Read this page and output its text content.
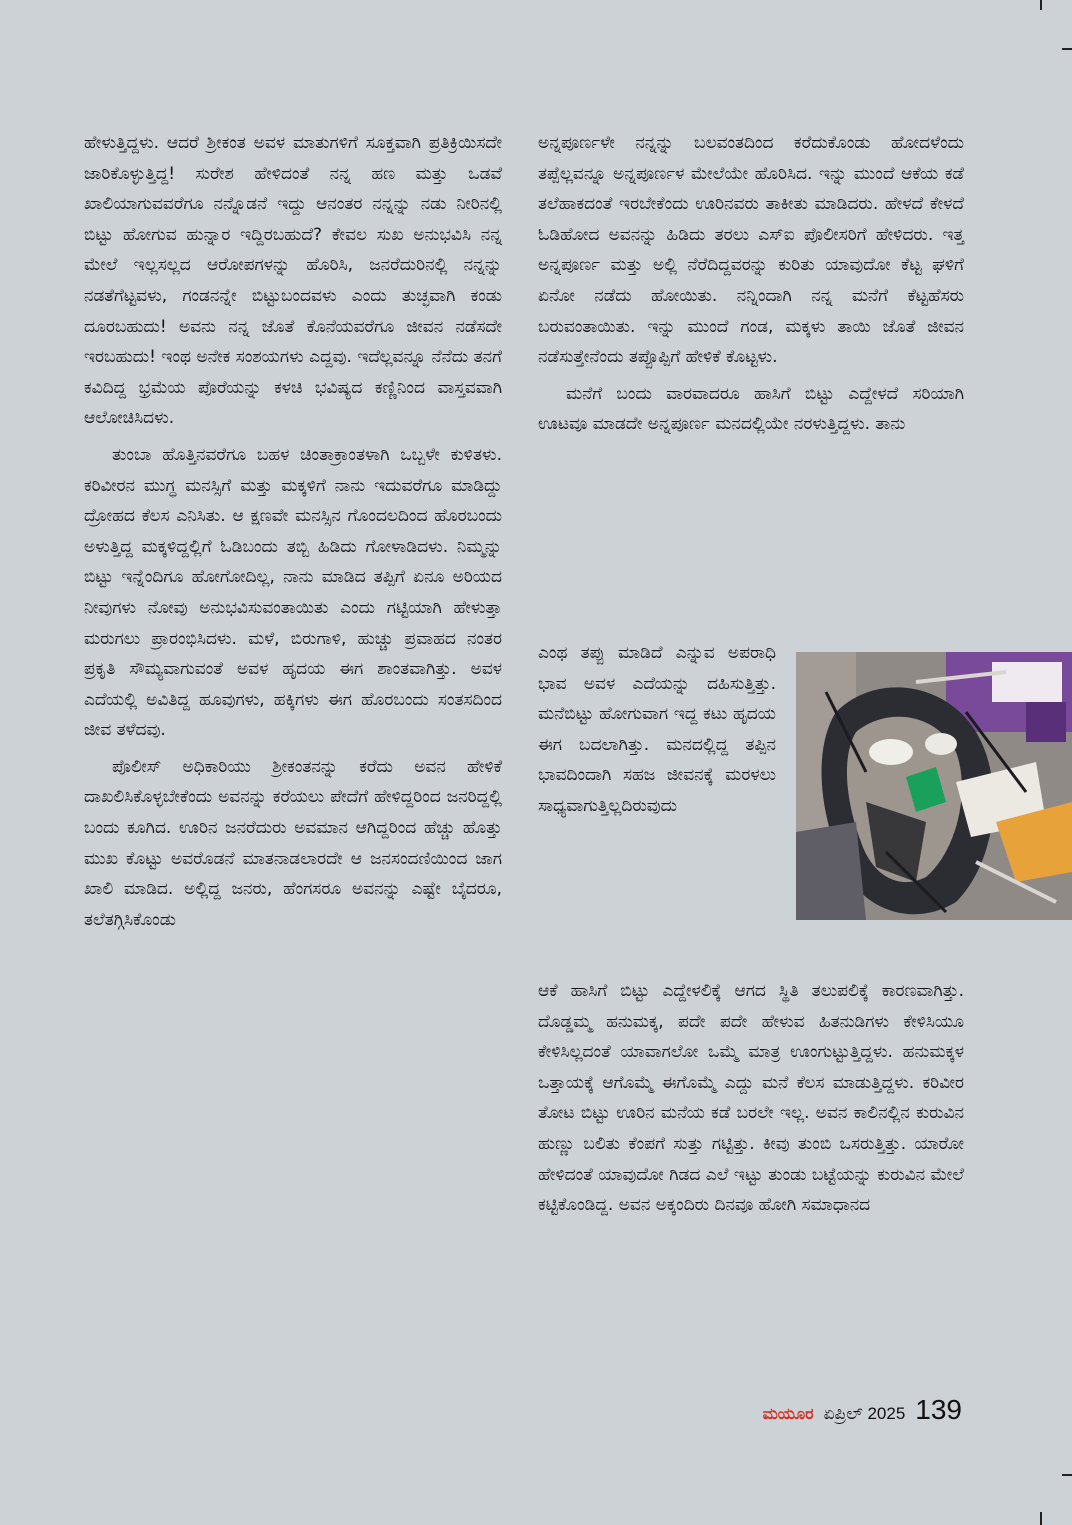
ಹೇಳುತ್ತಿದ್ದಳು. ಆದರೆ ಶ್ರೀಕಂತ ಅವಳ ಮಾತುಗಳಿಗೆ ಸೂಕ್ತವಾಗಿ ಪ್ರತಿಕ್ರಿಯಿಸದೇ ಜಾರಿಕೊಳ್ಳುತ್ತಿದ್ದ! ಸುರೇಶ ಹೇಳಿದಂತೆ ನನ್ನ ಹಣ ಮತ್ತು ಒಡವೆ ಖಾಲಿಯಾಗುವವರೆಗೂ ನನ್ನೊಡನೆ ಇದ್ದು ಆನಂತರ ನನ್ನನ್ನು ನಡು ನೀರಿನಲ್ಲಿ ಬಿಟ್ಟು ಹೋಗುವ ಹುನ್ನಾರ ಇದ್ದಿರಬಹುದೆ? ಕೇವಲ ಸುಖ ಅನುಭವಿಸಿ ನನ್ನ ಮೇಲೆ ಇಲ್ಲಸಲ್ಲದ ಆರೋಪಗಳನ್ನು ಹೊರಿಸಿ, ಜನರೆದುರಿನಲ್ಲಿ ನನ್ನನ್ನು ನಡತೆಗೆಟ್ಟವಳು, ಗಂಡನನ್ನೇ ಬಿಟ್ಟುಬಂದವಳು ಎಂದು ತುಚ್ಛವಾಗಿ ಕಂಡು ದೂರಬಹುದು! ಅವನು ನನ್ನ ಜೊತೆ ಕೊನೆಯವರೆಗೂ ಜೀವನ ನಡೆಸದೇ ಇರಬಹುದು! ಇಂಥ ಅನೇಕ ಸಂಶಯಗಳು ಎದ್ದವು. ಇದೆಲ್ಲವನ್ನೂ ನೆನೆದು ತನಗೆ ಕವಿದಿದ್ದ ಭ್ರಮೆಯ ಪೊರೆಯನ್ನು ಕಳಚಿ ಭವಿಷ್ಯದ ಕಣ್ಣಿನಿಂದ ವಾಸ್ತವವಾಗಿ ಆಲೋಚಿಸಿದಳು.

ತುಂಬಾ ಹೊತ್ತಿನವರೆಗೂ ಬಹಳ ಚಿಂತಾಕ್ರಾಂತಳಾಗಿ ಒಬ್ಬಳೇ ಕುಳಿತಳು. ಕರಿವೀರನ ಮುಗ್ಧ ಮನಸ್ಸಿಗೆ ಮತ್ತು ಮಕ್ಕಳಿಗೆ ನಾನು ಇದುವರೆಗೂ ಮಾಡಿದ್ದು ದ್ರೋಹದ ಕೆಲಸ ಎನಿಸಿತು. ಆ ಕ್ಷಣವೇ ಮನಸ್ಸಿನ ಗೊಂದಲದಿಂದ ಹೊರಬಂದು ಅಳುತ್ತಿದ್ದ ಮಕ್ಕಳಿದ್ದಲ್ಲಿಗೆ ಓಡಿಬಂದು ತಬ್ಬಿ ಹಿಡಿದು ಗೋಳಾಡಿದಳು. ನಿಮ್ಮನ್ನು ಬಿಟ್ಟು ಇನ್ನೆಂದಿಗೂ ಹೋಗೋದಿಲ್ಲ, ನಾನು ಮಾಡಿದ ತಪ್ಪಿಗೆ ಏನೂ ಅರಿಯದ ನೀವುಗಳು ನೋವು ಅನುಭವಿಸುವಂತಾಯಿತು ಎಂದು ಗಟ್ಟಿಯಾಗಿ ಹೇಳುತ್ತಾ ಮರುಗಲು ಪ್ರಾರಂಭಿಸಿದಳು. ಮಳೆ, ಬಿರುಗಾಳಿ, ಹುಚ್ಚು ಪ್ರವಾಹದ ನಂತರ ಪ್ರಕೃತಿ ಸೌಮ್ಯವಾಗುವಂತೆ ಅವಳ ಹೃದಯ ಈಗ ಶಾಂತವಾಗಿತ್ತು. ಅವಳ ಎದೆಯಲ್ಲಿ ಅವಿತಿದ್ದ ಹೂವುಗಳು, ಹಕ್ಕಿಗಳು ಈಗ ಹೊರಬಂದು ಸಂತಸದಿಂದ ಜೀವ ತಳೆದವು.

ಪೊಲೀಸ್ ಅಧಿಕಾರಿಯು ಶ್ರೀಕಂತನನ್ನು ಕರೆದು ಅವನ ಹೇಳಿಕೆ ದಾಖಲಿಸಿಕೊಳ್ಳಬೇಕೆಂದು ಅವನನ್ನು ಕರೆಯಲು ಪೇದೆಗೆ ಹೇಳಿದ್ದರಿಂದ ಜನರಿದ್ದಲ್ಲಿ ಬಂದು ಕೂಗಿದ. ಊರಿನ ಜನರೆದುರು ಅವಮಾನ ಆಗಿದ್ದರಿಂದ ಹೆಚ್ಚು ಹೊತ್ತು ಮುಖ ಕೊಟ್ಟು ಅವರೊಡನೆ ಮಾತನಾಡಲಾರದೇ ಆ ಜನಸಂದಣಿಯಿಂದ ಜಾಗ ಖಾಲಿ ಮಾಡಿದ. ಅಲ್ಲಿದ್ದ ಜನರು, ಹೆಂಗಸರೂ ಅವನನ್ನು ಎಷ್ಟೇ ಬೈದರೂ, ತಲೆತಗ್ಗಿಸಿಕೊಂಡು

ಅನ್ನಪೂರ್ಣಳೇ ನನ್ನನ್ನು ಬಲವಂತದಿಂದ ಕರೆದುಕೊಂಡು ಹೋದಳೆಂದು ತಪ್ಪೆಲ್ಲವನ್ನೂ ಅನ್ನಪೂರ್ಣಳ ಮೇಲೆಯೇ ಹೊರಿಸಿದ. ಇನ್ನು ಮುಂದೆ ಆಕೆಯ ಕಡೆ ತಲೆಹಾಕದಂತೆ ಇರಬೇಕೆಂದು ಊರಿನವರು ತಾಕೀತು ಮಾಡಿದರು. ಹೇಳದೆ ಕೇಳದೆ ಓಡಿಹೋದ ಅವನನ್ನು ಹಿಡಿದು ತರಲು ಎಸ್‌ಐ ಪೊಲೀಸರಿಗೆ ಹೇಳಿದರು. ಇತ್ತ ಅನ್ನಪೂರ್ಣ ಮತ್ತು ಅಲ್ಲಿ ನೆರೆದಿದ್ದವರನ್ನು ಕುರಿತು ಯಾವುದೋ ಕೆಟ್ಟ ಘಳಿಗೆ ಏನೋ ನಡೆದು ಹೋಯಿತು. ನನ್ನಿಂದಾಗಿ ನನ್ನ ಮನೆಗೆ ಕೆಟ್ಟಹೆಸರು ಬರುವಂತಾಯಿತು. ಇನ್ನು ಮುಂದೆ ಗಂಡ, ಮಕ್ಕಳು ತಾಯಿ ಜೊತೆ ಜೀವನ ನಡೆಸುತ್ತೇನೆಂದು ತಪ್ಪೊಪ್ಪಿಗೆ ಹೇಳಿಕೆ ಕೊಟ್ಟಳು.

ಮನೆಗೆ ಬಂದು ವಾರವಾದರೂ ಹಾಸಿಗೆ ಬಿಟ್ಟು ಎದ್ದೇಳದೆ ಸರಿಯಾಗಿ ಊಟವೂ ಮಾಡದೇ ಅನ್ನಪೂರ್ಣ ಮನದಲ್ಲಿಯೇ ನರಳುತ್ತಿದ್ದಳು. ತಾನು

ಎಂಥ ತಪ್ಪು ಮಾಡಿದೆ ಎನ್ನುವ ಅಪರಾಧಿ ಭಾವ ಅವಳ ಎದೆಯನ್ನು ದಹಿಸುತ್ತಿತ್ತು. ಮನೆಬಿಟ್ಟು ಹೋಗುವಾಗ ಇದ್ದ ಕಟು ಹೃದಯ ಈಗ ಬದಲಾಗಿತ್ತು. ಮನದಲ್ಲಿದ್ದ ತಪ್ಪಿನ ಭಾವದಿಂದಾಗಿ ಸಹಜ ಜೀವನಕ್ಕೆ ಮರಳಲು ಸಾಧ್ಯವಾಗುತ್ತಿಲ್ಲದಿರುವುದು

ಆಕೆ ಹಾಸಿಗೆ ಬಿಟ್ಟು ಎದ್ದೇಳಲಿಕ್ಕೆ ಆಗದ ಸ್ಥಿತಿ ತಲುಪಲಿಕ್ಕೆ ಕಾರಣವಾಗಿತ್ತು. ದೊಡ್ಡಮ್ಮ ಹನುಮಕ್ಕ, ಪದೇ ಪದೇ ಹೇಳುವ ಹಿತನುಡಿಗಳು ಕೇಳಿಸಿಯೂ ಕೇಳಿಸಿಲ್ಲದಂತೆ ಯಾವಾಗಲೋ ಒಮ್ಮೆ ಮಾತ್ರ ಊಂಗುಟ್ಟುತ್ತಿದ್ದಳು. ಹನುಮಕ್ಕಳ ಒತ್ತಾಯಕ್ಕೆ ಆಗೊಮ್ಮೆ ಈಗೊಮ್ಮೆ ಎದ್ದು ಮನೆ ಕೆಲಸ ಮಾಡುತ್ತಿದ್ದಳು. ಕರಿವೀರ ತೋಟ ಬಿಟ್ಟು ಊರಿನ ಮನೆಯ ಕಡೆ ಬರಲೇ ಇಲ್ಲ. ಅವನ ಕಾಲಿನಲ್ಲಿನ ಕುರುವಿನ ಹುಣ್ಣು ಬಲಿತು ಕೆಂಪಗೆ ಸುತ್ತು ಗಟ್ಟಿತ್ತು. ಕೀವು ತುಂಬಿ ಒಸರುತ್ತಿತ್ತು. ಯಾರೋ ಹೇಳಿದಂತೆ ಯಾವುದೋ ಗಿಡದ ಎಲೆ ಇಟ್ಟು ತುಂಡು ಬಟ್ಟೆಯನ್ನು ಕುರುವಿನ ಮೇಲೆ ಕಟ್ಟಿಕೊಂಡಿದ್ದ. ಅವನ ಅಕ್ಕಂದಿರು ದಿನವೂ ಹೋಗಿ ಸಮಾಧಾನದ

ಮಯೂರ ಏಪ್ರಿಲ್ 2025 139
